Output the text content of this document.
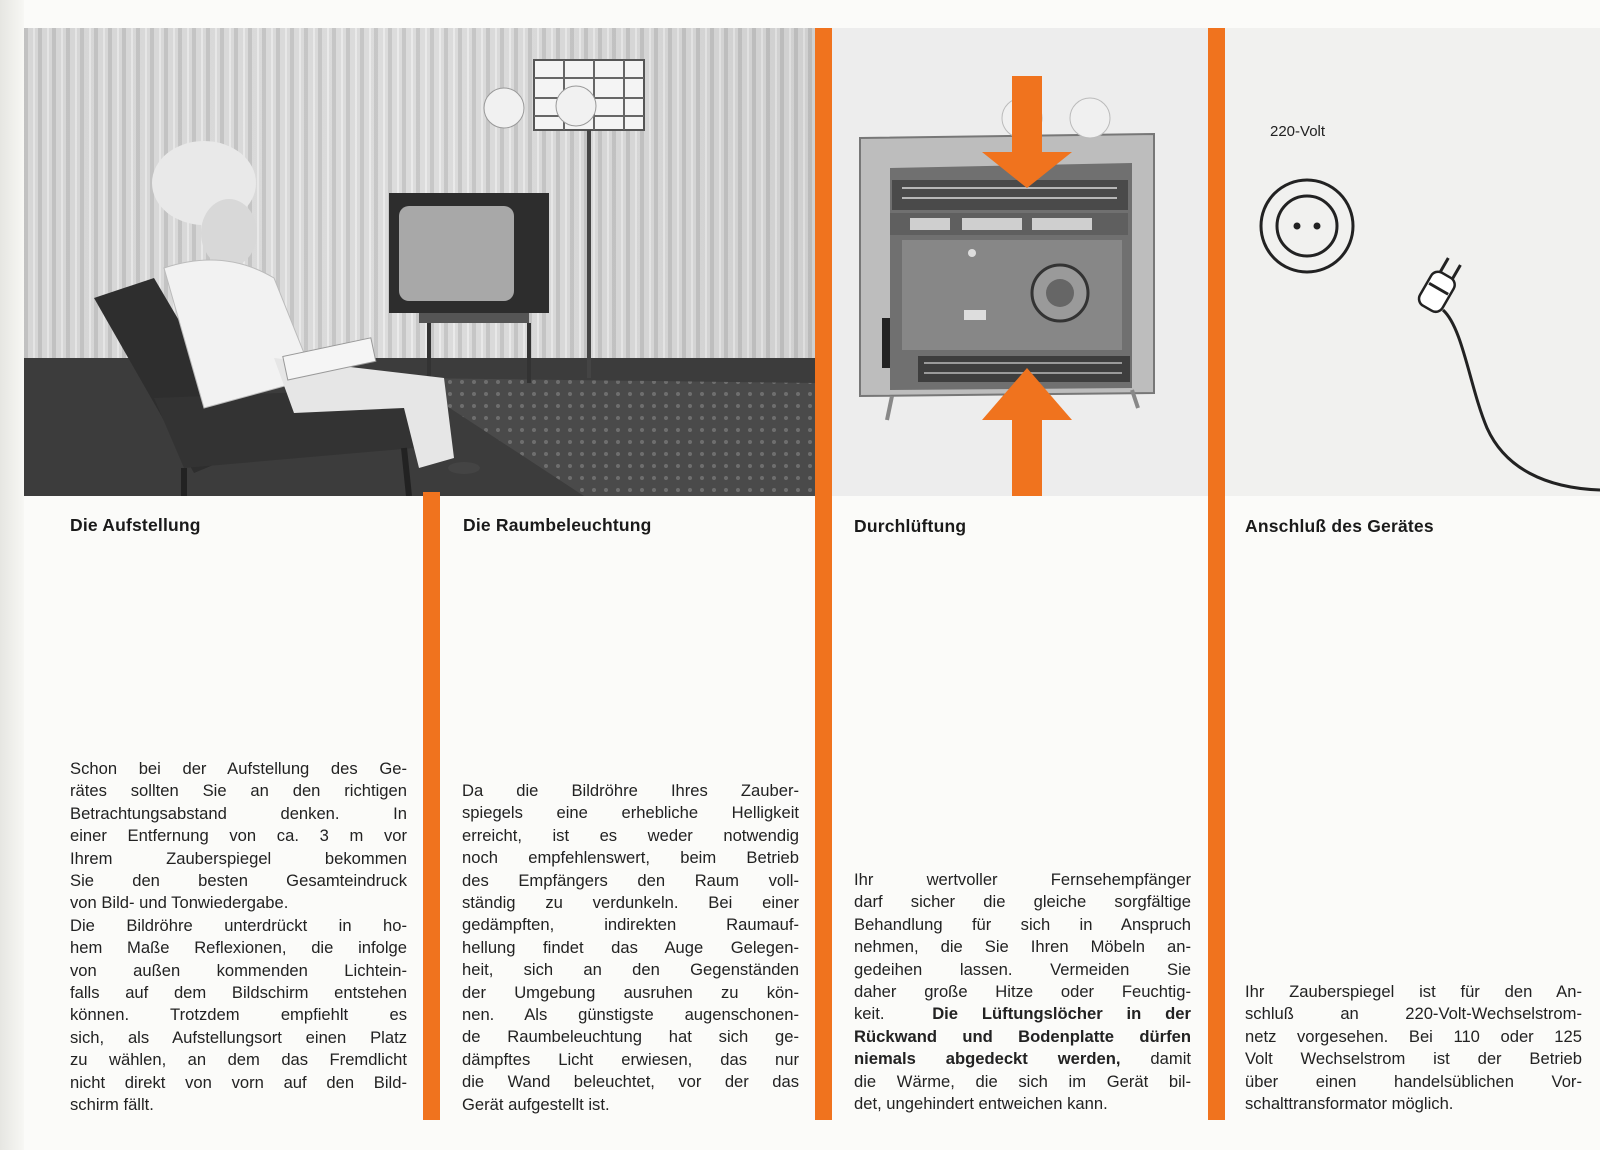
220-Volt
Die Aufstellung	Die Raumbeleuchtung	Durchlüftung	Anschluß des Gerätes
Schon bei der Aufstellung des Ge-
rätes sollten Sie an den richtigen
Betrachtungsabstand denken. In
einer Entfernung von ca. 3 m vor
Ihrem Zauberspiegel bekommen
Sie den besten Gesamteindruck
von Bild- und Tonwiedergabe.
Die Bildröhre unterdrückt in ho-
hem Maße Reflexionen, die infolge
von außen kommenden Lichtein-
falls auf dem Bildschirm entstehen
können. Trotzdem empfiehlt es
sich, als Aufstellungsort einen Platz
zu wählen, an dem das Fremdlicht
nicht direkt von vorn auf den Bild-
schirm fällt.
Da die Bildröhre Ihres Zauber-
spiegels eine erhebliche Helligkeit
erreicht, ist es weder notwendig
noch empfehlenswert, beim Betrieb
des Empfängers den Raum voll-
ständig zu verdunkeln. Bei einer
gedämpften, indirekten Raumauf-
hellung findet das Auge Gelegen-
heit, sich an den Gegenständen
der Umgebung ausruhen zu kön-
nen. Als günstigste augenschonen-
de Raumbeleuchtung hat sich ge-
dämpftes Licht erwiesen, das nur
die Wand beleuchtet, vor der das
Gerät aufgestellt ist.
Ihr wertvoller Fernsehempfänger
darf sicher die gleiche sorgfältige
Behandlung für sich in Anspruch
nehmen, die Sie Ihren Möbeln an-
gedeihen lassen. Vermeiden Sie
daher große Hitze oder Feuchtig-
keit.	Die Lüftungslöcher in der
Rückwand und Bodenplatte dürfen
niemals abgedeckt werden, damit
die Wärme, die sich im Gerät bil-
det, ungehindert entweichen kann.
Ihr Zauberspiegel ist für den An-
schluß an 220-Volt-Wechselstrom-
netz vorgesehen. Bei 110 oder 125
Volt Wechselstrom ist der Betrieb
über einen handelsüblichen Vor-
schalttransformator möglich.
